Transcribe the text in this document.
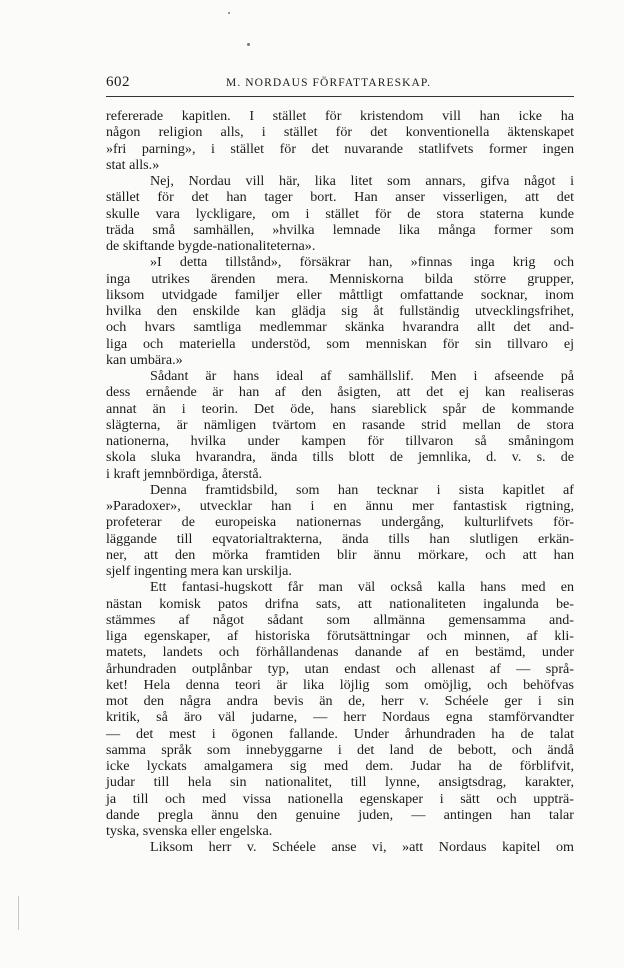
602	M. NORDAUS FÖRFATTARESKAP.
refererade kapitlen. I stället för kristendom vill han icke ha
någon religion alls, i stället för det konventionella äktenskapet
»fri parning», i stället för det nuvarande statlifvets former ingen
stat alls.»
Nej, Nordau vill här, lika litet som annars, gifva något i
stället för det han tager bort. Han anser visserligen, att det
skulle vara lyckligare, om i stället för de stora staterna kunde
träda små samhällen, »hvilka lemnade lika många former som
de skiftande bygde-nationaliteterna».
»I detta tillstånd», försäkrar han, »finnas inga krig och
inga utrikes ärenden mera. Menniskorna bilda större grupper,
liksom utvidgade familjer eller måttligt omfattande socknar, inom
hvilka den enskilde kan glädja sig åt fullständig utvecklingsfrihet,
och hvars samtliga medlemmar skänka hvarandra allt det and-
liga och materiella understöd, som menniskan för sin tillvaro ej
kan umbära.»
Sådant är hans ideal af samhällslif. Men i afseende på
dess ernående är han af den åsigten, att det ej kan realiseras
annat än i teorin. Det öde, hans siareblick spår de kommande
slägterna, är nämligen tvärtom en rasande strid mellan de stora
nationerna, hvilka under kampen för tillvaron så småningom
skola sluka hvarandra, ända tills blott de jemnlika, d. v. s. de
i kraft jemnbördiga, återstå.
Denna framtidsbild, som han tecknar i sista kapitlet af
»Paradoxer», utvecklar han i en ännu mer fantastisk rigtning,
profeterar de europeiska nationernas undergång, kulturlifvets för-
läggande till eqvatorialtrakterna, ända tills han slutligen erkän-
ner, att den mörka framtiden blir ännu mörkare, och att han
sjelf ingenting mera kan urskilja.
Ett fantasi-hugskott får man väl också kalla hans med en
nästan komisk patos drifna sats, att nationaliteten ingalunda be-
stämmes af något sådant som allmänna gemensamma and-
liga egenskaper, af historiska förutsättningar och minnen, af kli-
matets, landets och förhållandenas danande af en bestämd, under
århundraden outplånbar typ, utan endast och allenast af — språ-
ket! Hela denna teori är lika löjlig som omöjlig, och behöfvas
mot den några andra bevis än de, herr v. Schéele ger i sin
kritik, så äro väl judarne, — herr Nordaus egna stamförvandter
— det mest i ögonen fallande. Under århundraden ha de talat
samma språk som innebyggarne i det land de bebott, och ändå
icke lyckats amalgamera sig med dem. Judar ha de förblifvit,
judar till hela sin nationalitet, till lynne, ansigtsdrag, karakter,
ja till och med vissa nationella egenskaper i sätt och uppträ-
dande pregla ännu den genuine juden, — antingen han talar
tyska, svenska eller engelska.
Liksom herr v. Schéele anse vi, »att Nordaus kapitel om
